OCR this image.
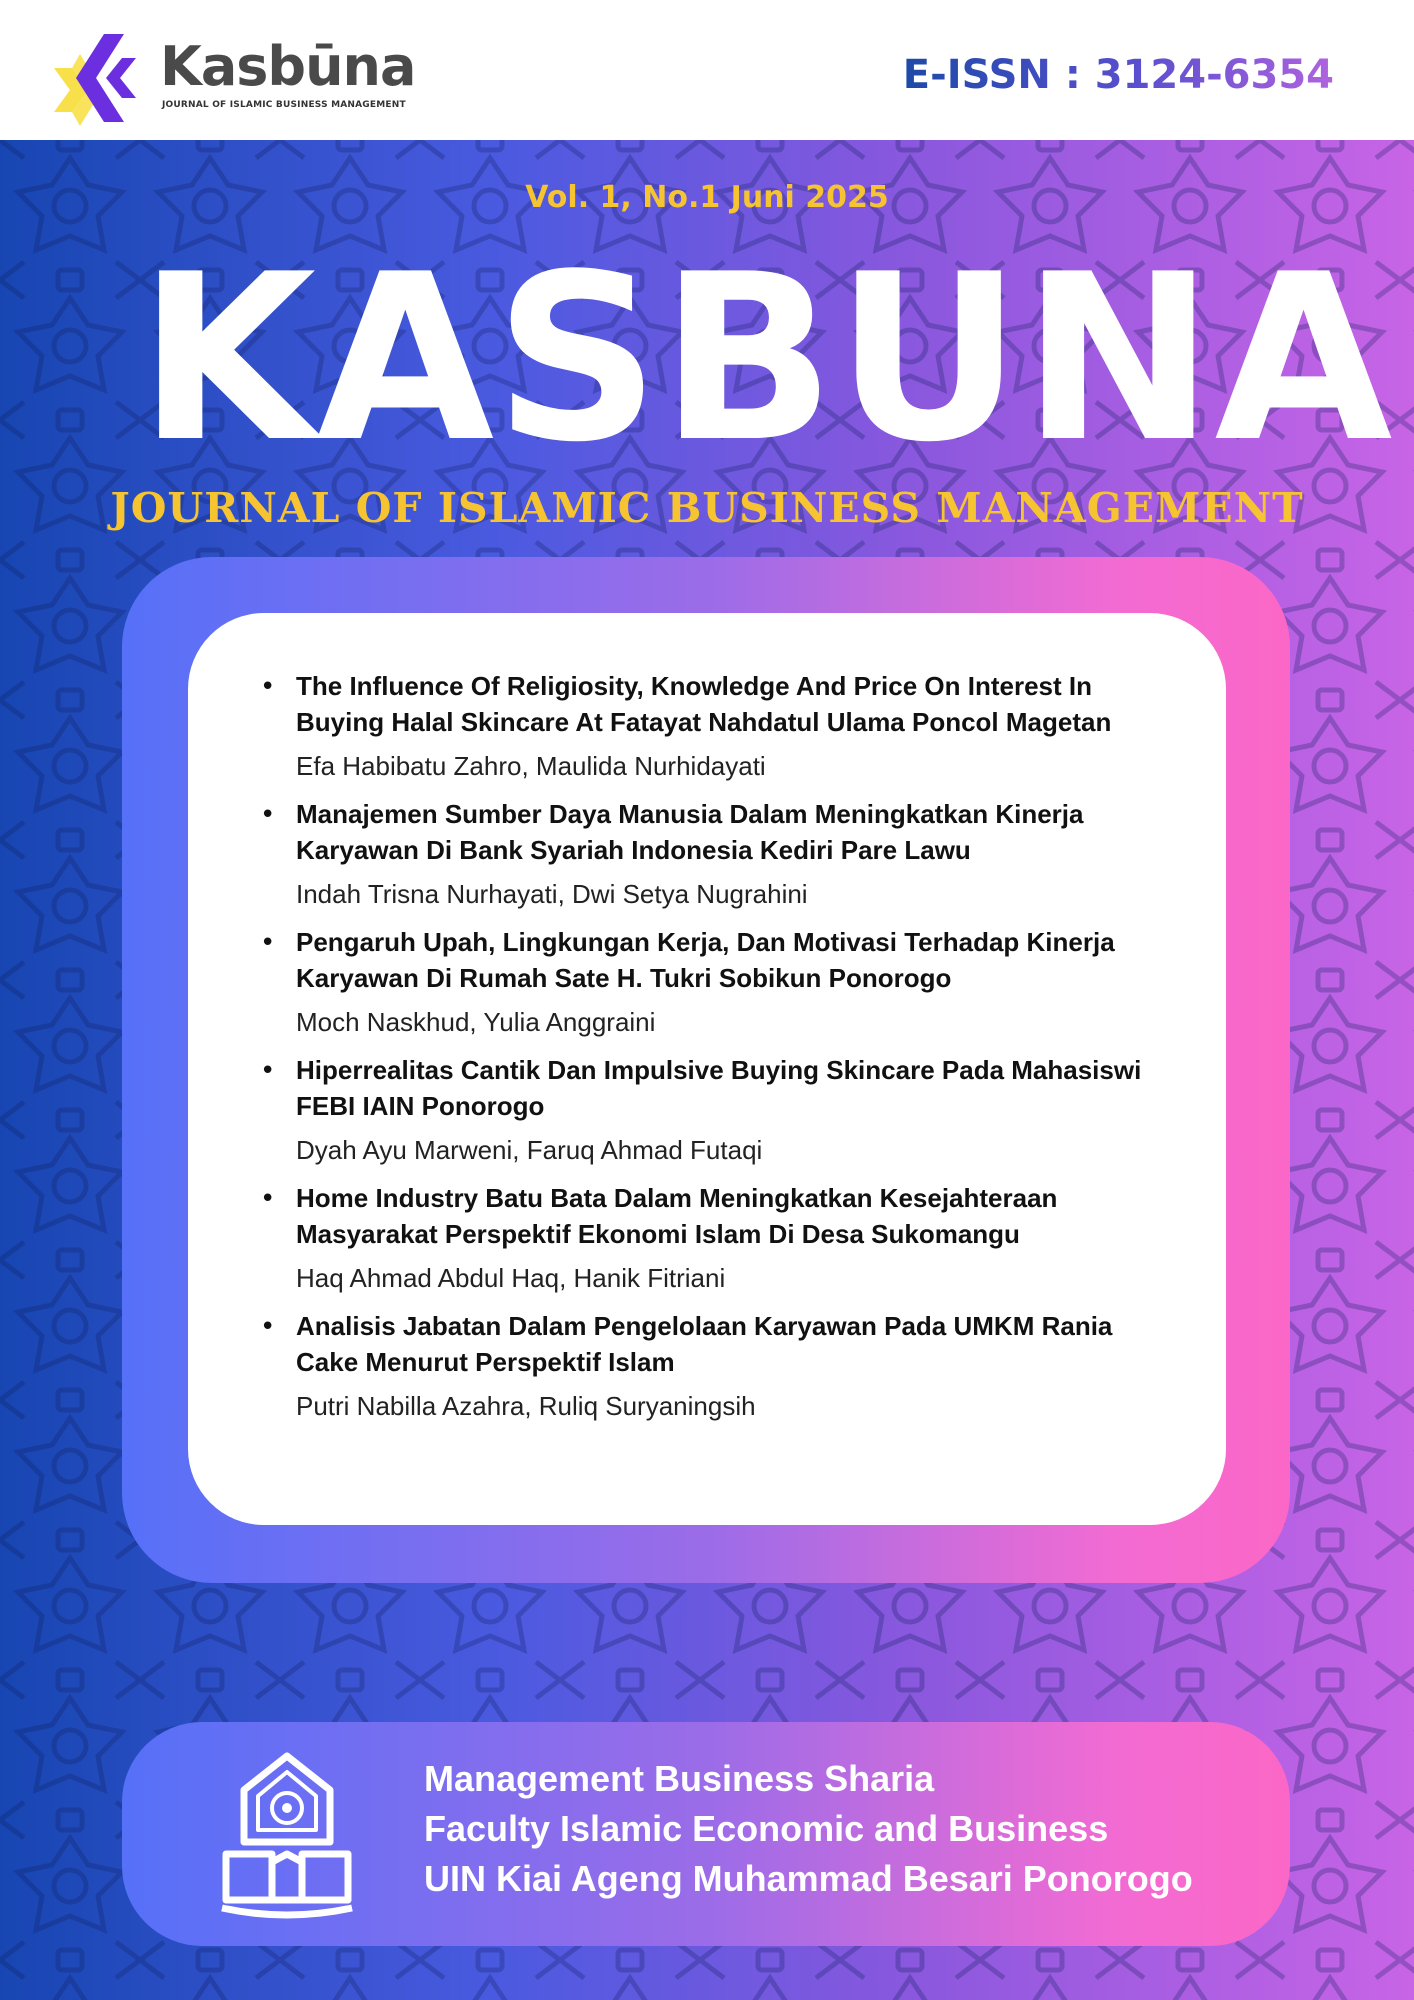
Kasbūna
JOURNAL OF ISLAMIC BUSINESS MANAGEMENT
E-ISSN : 3124-6354
Vol. 1, No.1 Juni 2025
K A S B U N A
JOURNAL OF ISLAMIC BUSINESS MANAGEMENT
• The Influence Of Religiosity, Knowledge And Price On Interest In Buying Halal Skincare At Fatayat Nahdatul Ulama Poncol Magetan
Efa Habibatu Zahro, Maulida Nurhidayati
• Manajemen Sumber Daya Manusia Dalam Meningkatkan Kinerja Karyawan Di Bank Syariah Indonesia Kediri Pare Lawu
Indah Trisna Nurhayati, Dwi Setya Nugrahini
• Pengaruh Upah, Lingkungan Kerja, Dan Motivasi Terhadap Kinerja Karyawan Di Rumah Sate H. Tukri Sobikun Ponorogo
Moch Naskhud, Yulia Anggraini
• Hiperrealitas Cantik Dan Impulsive Buying Skincare Pada Mahasiswi FEBI IAIN Ponorogo
Dyah Ayu Marweni, Faruq Ahmad Futaqi
• Home Industry Batu Bata Dalam Meningkatkan Kesejahteraan Masyarakat Perspektif Ekonomi Islam Di Desa Sukomangu
Haq Ahmad Abdul Haq, Hanik Fitriani
• Analisis Jabatan Dalam Pengelolaan Karyawan Pada UMKM Rania Cake Menurut Perspektif Islam
Putri Nabilla Azahra, Ruliq Suryaningsih
Management Business Sharia
Faculty Islamic Economic and Business
UIN Kiai Ageng Muhammad Besari Ponorogo
